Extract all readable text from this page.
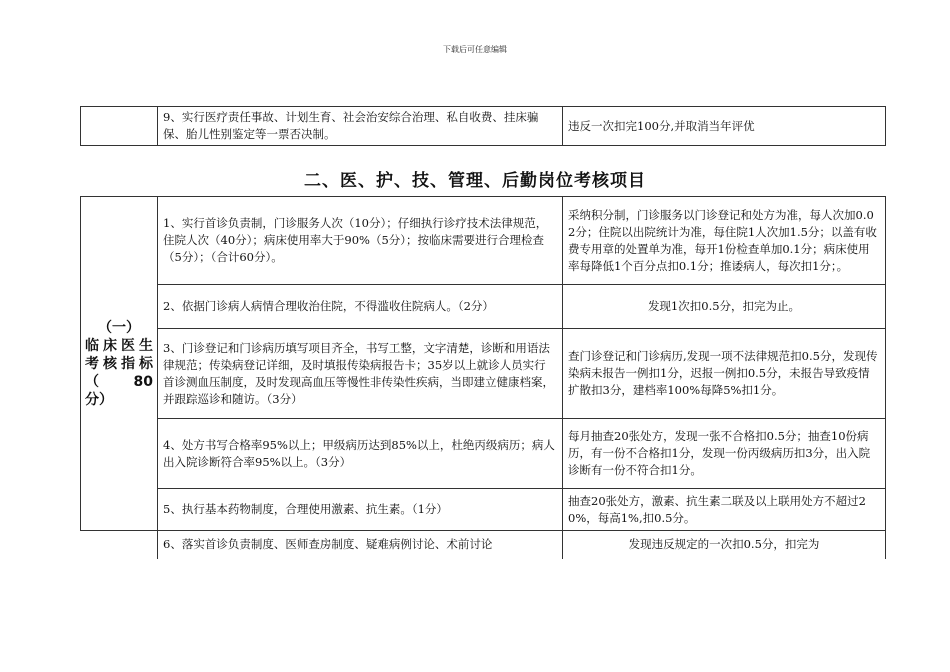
下载后可任意编辑
	9、实行医疗责任事故、计划生育、社会治安综合治理、私自收费、挂床骗保、胎儿性别鉴定等一票否决制。	违反一次扣完100分,并取消当年评优
二、医、护、技、管理、后勤岗位考核项目
（一）
临床医生
考核指标
（ 80
分）	1、实行首诊负责制，门诊服务人次（10分）；仔细执行诊疗技术法律规范，住院人次（40分）；病床使用率大于90%（5分）；按临床需要进行合理检查（5分）；（合计60分）。	采纳积分制，门诊服务以门诊登记和处方为准，每人次加0.02分；住院以出院统计为准，每住院1人次加1.5分；以盖有收费专用章的处置单为准，每开1份检查单加0.1分；病床使用率每降低1个百分点扣0.1分；推诿病人，每次扣1分；。
	2、依据门诊病人病情合理收治住院，不得滥收住院病人。（2分）	发现1次扣0.5分，扣完为止。
	3、门诊登记和门诊病历填写项目齐全，书写工整，文字清楚，诊断和用语法律规范；传染病登记详细，及时填报传染病报告卡；35岁以上就诊人员实行首诊测血压制度，及时发现高血压等慢性非传染性疾病，当即建立健康档案，并跟踪巡诊和随访。（3分）	查门诊登记和门诊病历,发现一项不法律规范扣0.5分，发现传染病未报告一例扣1分，迟报一例扣0.5分，未报告导致疫情扩散扣3分，建档率100%每降5%扣1分。
	4、处方书写合格率95%以上；甲级病历达到85%以上，杜绝丙级病历；病人出入院诊断符合率95%以上。（3分）	每月抽查20张处方，发现一张不合格扣0.5分；抽查10份病历，有一份不合格扣1分，发现一份丙级病历扣3分，出入院诊断有一份不符合扣1分。
	5、执行基本药物制度，合理使用激素、抗生素。（1分）	抽查20张处方，激素、抗生素二联及以上联用处方不超过20%，每高1%,扣0.5分。
	6、落实首诊负责制度、医师查房制度、疑难病例讨论、术前讨论	发现违反规定的一次扣0.5分，扣完为
